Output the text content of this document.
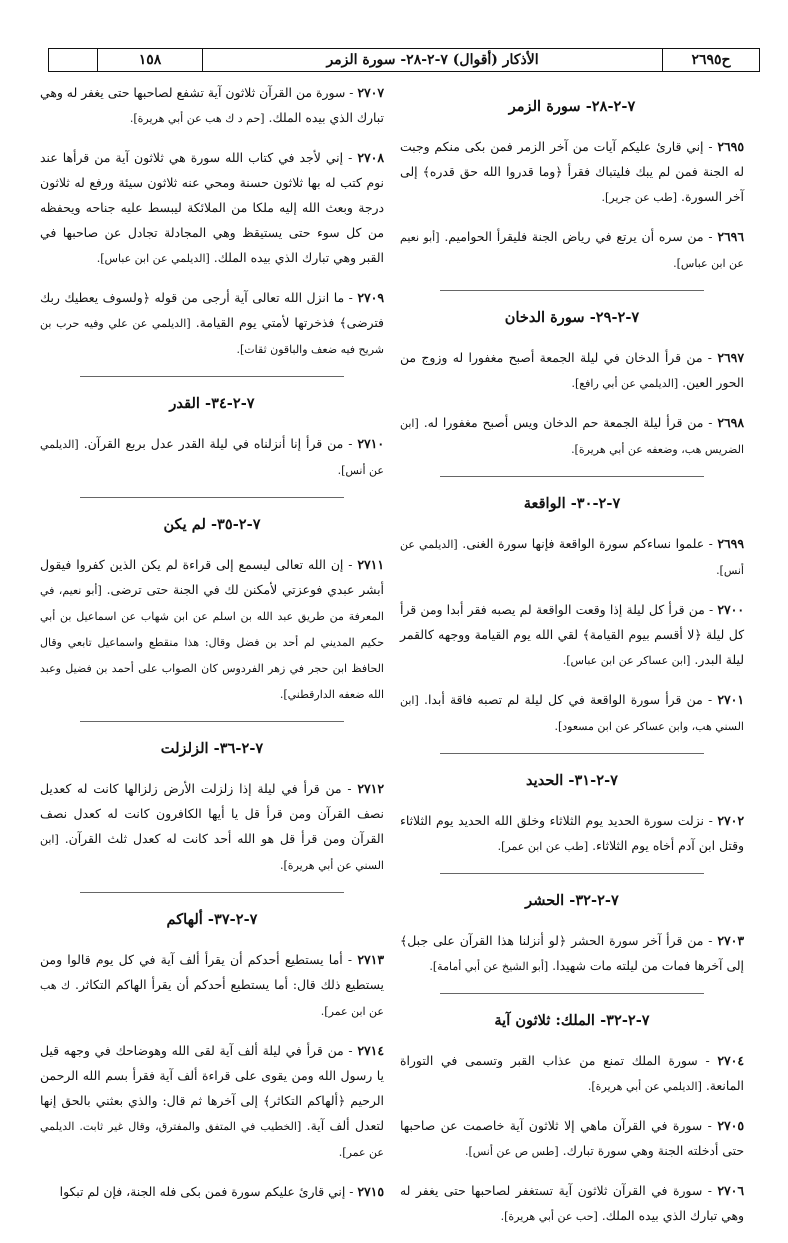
ح٢٦٩٥
الأذكار (أقوال) ٧-٢-٢٨- سورة الزمر
١٥٨
٧-٢-٢٨- سورة الزمر

٢٦٩٥ - إني قارئ عليكم آيات من آخر الزمر فمن بكى منكم وجبت له الجنة فمن لم يبك فليتباك فقرأ ﴿وما قدروا الله حق قدره﴾ إلى آخر السورة. [طب عن جرير].

٢٦٩٦ - من سره أن يرتع في رياض الجنة فليقرأ الحواميم. [أبو نعيم عن ابن عباس].

٧-٢-٢٩- سورة الدخان

٢٦٩٧ - من قرأ الدخان في ليلة الجمعة أصبح مغفورا له وزوج من الحور العين. [الديلمي عن أبي رافع].

٢٦٩٨ - من قرأ ليلة الجمعة حم الدخان ويس أصبح مغفورا له. [ابن الضريس هب، وضعفه عن أبي هريرة].

٧-٢-٣٠- الواقعة

٢٦٩٩ - علموا نساءكم سورة الواقعة فإنها سورة الغنى. [الديلمي عن أنس].

٢٧٠٠ - من قرأ كل ليلة إذا وقعت الواقعة لم يصبه فقر أبدا ومن قرأ كل ليلة ﴿لا أقسم بيوم القيامة﴾ لقي الله يوم القيامة ووجهه كالقمر ليلة البدر. [ابن عساكر عن ابن عباس].

٢٧٠١ - من قرأ سورة الواقعة في كل ليلة لم تصبه فاقة أبدا. [ابن السني هب، وابن عساكر عن ابن مسعود].

٧-٢-٣١- الحديد

٢٧٠٢ - نزلت سورة الحديد يوم الثلاثاء وخلق الله الحديد يوم الثلاثاء وقتل ابن آدم أخاه يوم الثلاثاء. [طب عن ابن عمر].

٧-٢-٣٢- الحشر

٢٧٠٣ - من قرأ آخر سورة الحشر ﴿لو أنزلنا هذا القرآن على جبل﴾ إلى آخرها فمات من ليلته مات شهيدا. [أبو الشيخ عن أبي أمامة].

٧-٢-٣٢- الملك: ثلاثون آية

٢٧٠٤ - سورة الملك تمنع من عذاب القبر وتسمى في التوراة المانعة. [الديلمي عن أبي هريرة].

٢٧٠٥ - سورة في القرآن ماهي إلا ثلاثون آية خاصمت عن صاحبها حتى أدخلته الجنة وهي سورة تبارك. [طس ص عن أنس].

٢٧٠٦ - سورة في القرآن ثلاثون آية تستغفر لصاحبها حتى يغفر له وهي تبارك الذي بيده الملك. [حب عن أبي هريرة].

٢٧٠٧ - سورة من القرآن ثلاثون آية تشفع لصاحبها حتى يغفر له وهي تبارك الذي بيده الملك. [حم د ك هب عن أبي هريرة].

٢٧٠٨ - إني لأجد في كتاب الله سورة هي ثلاثون آية من قرأها عند نوم كتب له بها ثلاثون حسنة ومحي عنه ثلاثون سيئة ورفع له ثلاثون درجة وبعث الله إليه ملكا من الملائكة ليبسط عليه جناحه ويحفظه من كل سوء حتى يستيقظ وهي المجادلة تجادل عن صاحبها في القبر وهي تبارك الذي بيده الملك. [الديلمي عن ابن عباس].

٢٧٠٩ - ما انزل الله تعالى آية أرجى من قوله ﴿ولسوف يعطيك ربك فترضى﴾ فذخرتها لأمتي يوم القيامة. [الديلمي عن علي وفيه حرب بن شريح فيه ضعف والباقون ثقات].

٧-٢-٣٤- القدر

٢٧١٠ - من قرأ إنا أنزلناه في ليلة القدر عدل بربع القرآن. [الديلمي عن أنس].

٧-٢-٣٥- لم يكن

٢٧١١ - إن الله تعالى ليسمع إلى قراءة لم يكن الذين كفروا فيقول أبشر عبدي فوعزتي لأمكنن لك في الجنة حتى ترضى. [أبو نعيم، في المعرفة من طريق عبد الله بن اسلم عن ابن شهاب عن اسماعيل بن أبي حكيم المديني لم أحد بن فضل وقال: هذا منقطع واسماعيل تابعي وقال الحافظ ابن حجر في زهر الفردوس كان الصواب على أحمد بن فضيل وعبد الله ضعفه الدارقطني].

٧-٢-٣٦- الزلزلت

٢٧١٢ - من قرأ في ليلة إذا زلزلت الأرض زلزالها كانت له كعديل نصف القرآن ومن قرأ قل يا أيها الكافرون كانت له كعدل نصف القرآن ومن قرأ قل هو الله أحد كانت له كعدل ثلث القرآن. [ابن السني عن أبي هريرة].

٧-٢-٣٧- ألهاكم

٢٧١٣ - أما يستطيع أحدكم أن يقرأ ألف آية في كل يوم قالوا ومن يستطيع ذلك قال: أما يستطيع أحدكم أن يقرأ الهاكم التكاثر. ك هب عن ابن عمر].

٢٧١٤ - من قرأ في ليلة ألف آية لقى الله وهوضاحك في وجهه قيل يا رسول الله ومن يقوى على قراءة ألف آية فقرأ بسم الله الرحمن الرحيم ﴿ألهاكم التكاثر﴾ إلى آخرها ثم قال: والذي بعثني بالحق إنها لتعدل ألف آية. [الخطيب في المتفق والمفترق، وقال غير ثابت. الديلمي عن عمر].

٢٧١٥ - إني قارئ عليكم سورة فمن بكى فله الجنة، فإن لم تبكوا
